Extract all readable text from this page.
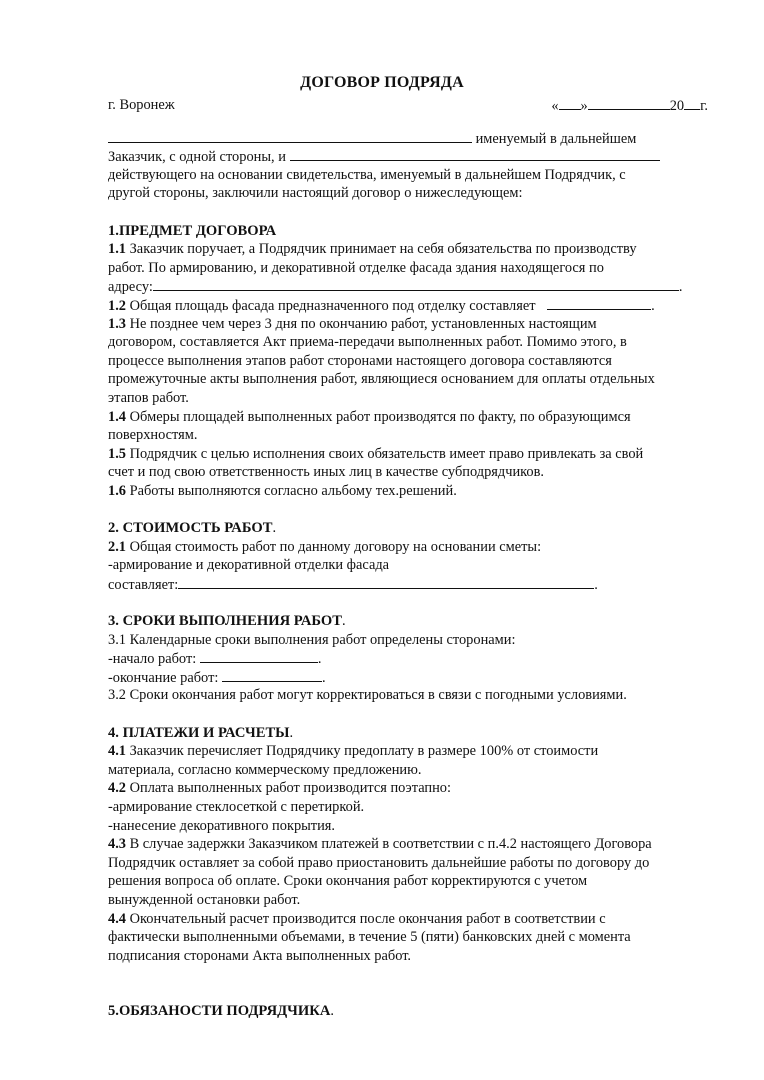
ДОГОВОР ПОДРЯДА
г. Воронеж	« »	20 г.
именуемый в дальнейшем
Заказчик, с одной стороны, и
действующего на основании свидетельства, именуемый в дальнейшем Подрядчик, с
другой стороны, заключили настоящий договор о нижеследующем:
1.ПРЕДМЕТ ДОГОВОРА
1.1 Заказчик поручает, а Подрядчик принимает на себя обязательства по производству
работ. По армированию, и декоративной отделке фасада здания находящегося по
адресу:	.
1.2 Общая площадь фасада предназначенного под отделку составляет	.
1.3 Не позднее чем через 3 дня по окончанию работ, установленных настоящим
договором, составляется Акт приема-передачи выполненных работ. Помимо этого, в
процессе выполнения этапов работ сторонами настоящего договора составляются
промежуточные акты выполнения работ, являющиеся основанием для оплаты отдельных
этапов работ.
1.4 Обмеры площадей выполненных работ производятся по факту, по образующимся
поверхностям.
1.5 Подрядчик с целью исполнения своих обязательств имеет право привлекать за свой
счет и под свою ответственность иных лиц в качестве субподрядчиков.
1.6 Работы выполняются согласно альбому тех.решений.
2. СТОИМОСТЬ РАБОТ.
2.1 Общая стоимость работ по данному договору на основании сметы:
-армирование и декоративной отделки фасада
составляет:	.
3. СРОКИ ВЫПОЛНЕНИЯ РАБОТ.
3.1 Календарные сроки выполнения работ определены сторонами:
-начало работ:	.
-окончание работ:	.
3.2 Сроки окончания работ могут корректироваться в связи с погодными условиями.
4. ПЛАТЕЖИ И РАСЧЕТЫ.
4.1 Заказчик перечисляет Подрядчику предоплату в размере 100% от стоимости
материала, согласно коммерческому предложению.
4.2 Оплата выполненных работ производится поэтапно:
-армирование стеклосеткой с перетиркой.
-нанесение декоративного покрытия.
4.3 В случае задержки Заказчиком платежей в соответствии с п.4.2 настоящего Договора
Подрядчик оставляет за собой право приостановить дальнейшие работы по договору до
решения вопроса об оплате. Сроки окончания работ корректируются с учетом
вынужденной остановки работ.
4.4 Окончательный расчет производится после окончания работ в соответствии с
фактически выполненными объемами, в течение 5 (пяти) банковских дней с момента
подписания сторонами Акта выполненных работ.
5.ОБЯЗАНОСТИ ПОДРЯДЧИКА.
